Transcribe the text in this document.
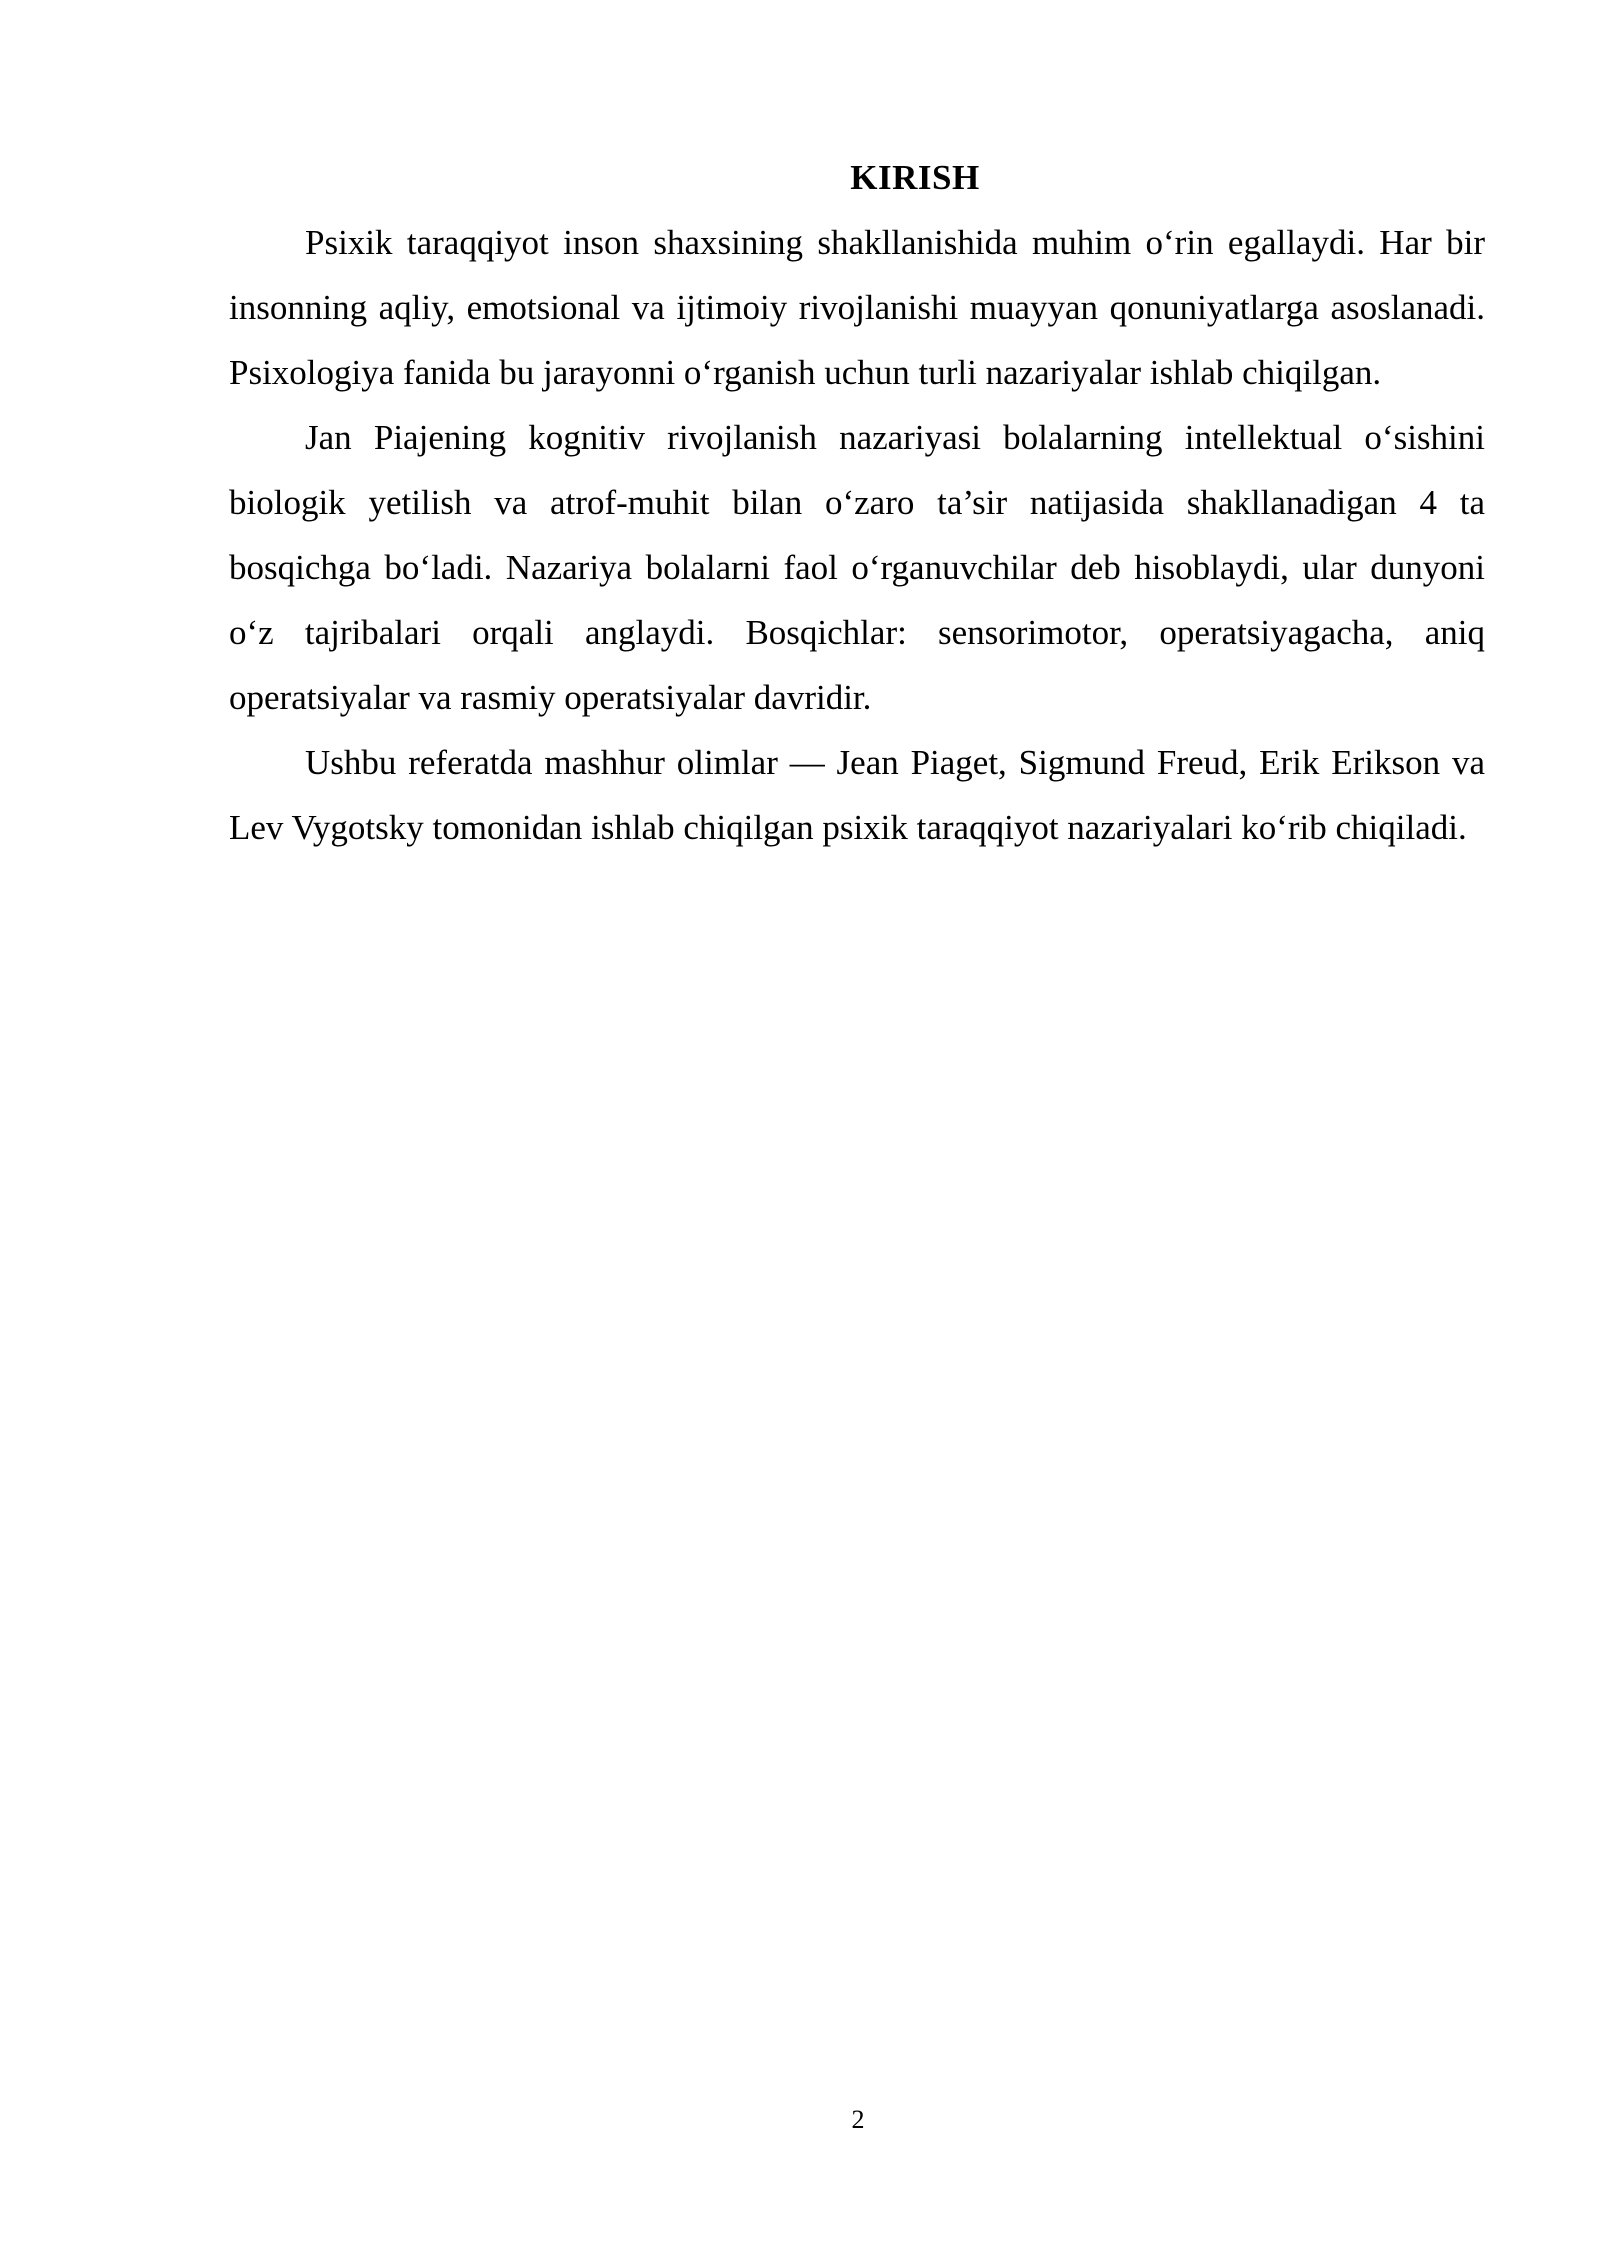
KIRISH

Psixik taraqqiyot inson shaxsining shakllanishida muhim o‘rin egallaydi. Har bir insonning aqliy, emotsional va ijtimoiy rivojlanishi muayyan qonuniyatlarga asoslanadi. Psixologiya fanida bu jarayonni o‘rganish uchun turli nazariyalar ishlab chiqilgan.

Jan Piajening kognitiv rivojlanish nazariyasi bolalarning intellektual o‘sishini biologik yetilish va atrof-muhit bilan o‘zaro ta’sir natijasida shakllanadigan 4 ta bosqichga bo‘ladi. Nazariya bolalarni faol o‘rganuvchilar deb hisoblaydi, ular dunyoni o‘z tajribalari orqali anglaydi. Bosqichlar: sensorimotor, operatsiyagacha, aniq operatsiyalar va rasmiy operatsiyalar davridir.

Ushbu referatda mashhur olimlar — Jean Piaget, Sigmund Freud, Erik Erikson va Lev Vygotsky tomonidan ishlab chiqilgan psixik taraqqiyot nazariyalari ko‘rib chiqiladi.

2
